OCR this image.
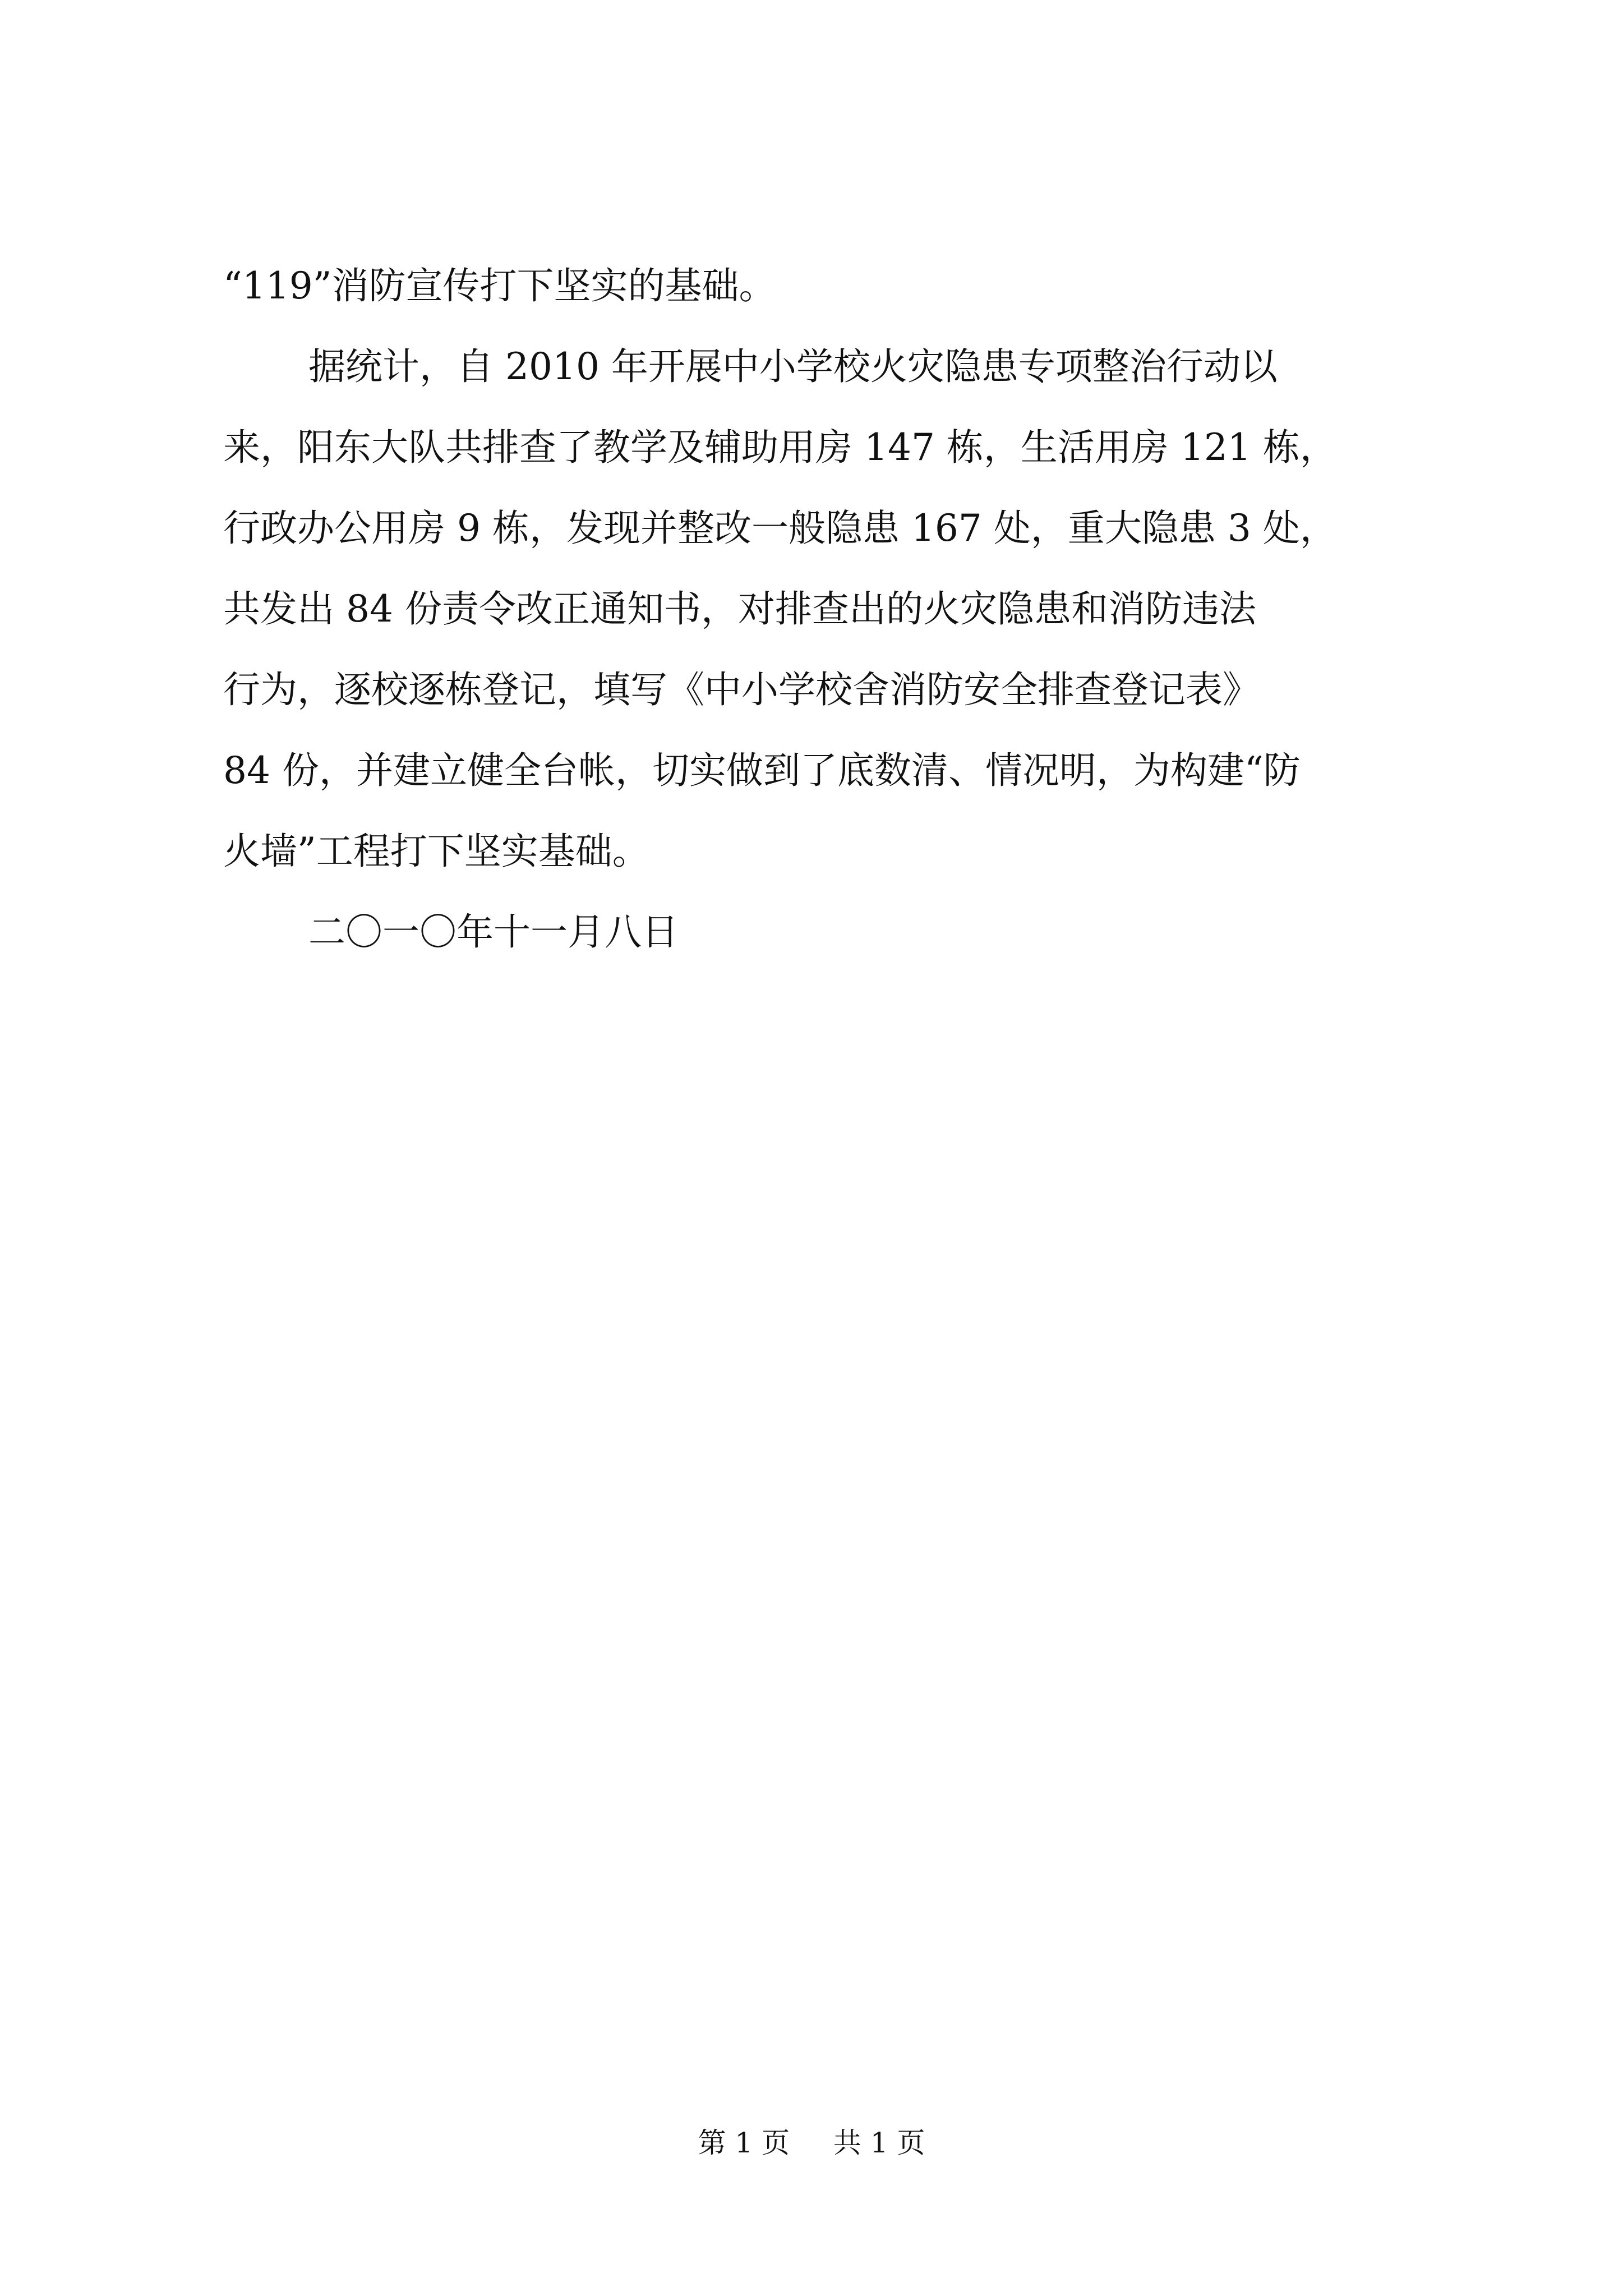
“119”消防宣传打下坚实的基础。
据统计，自 2010 年开展中小学校火灾隐患专项整治行动以
来，阳东大队共排查了教学及辅助用房 147 栋，生活用房 121 栋，
行政办公用房 9 栋，发现并整改一般隐患 167 处，重大隐患 3 处，
共发出 84 份责令改正通知书，对排查出的火灾隐患和消防违法
行为，逐校逐栋登记，填写《中小学校舍消防安全排查登记表》
84 份，并建立健全台帐，切实做到了底数清、情况明，为构建“防
火墙”工程打下坚实基础。
二〇一〇年十一月八日
第 1 页 共 1 页
